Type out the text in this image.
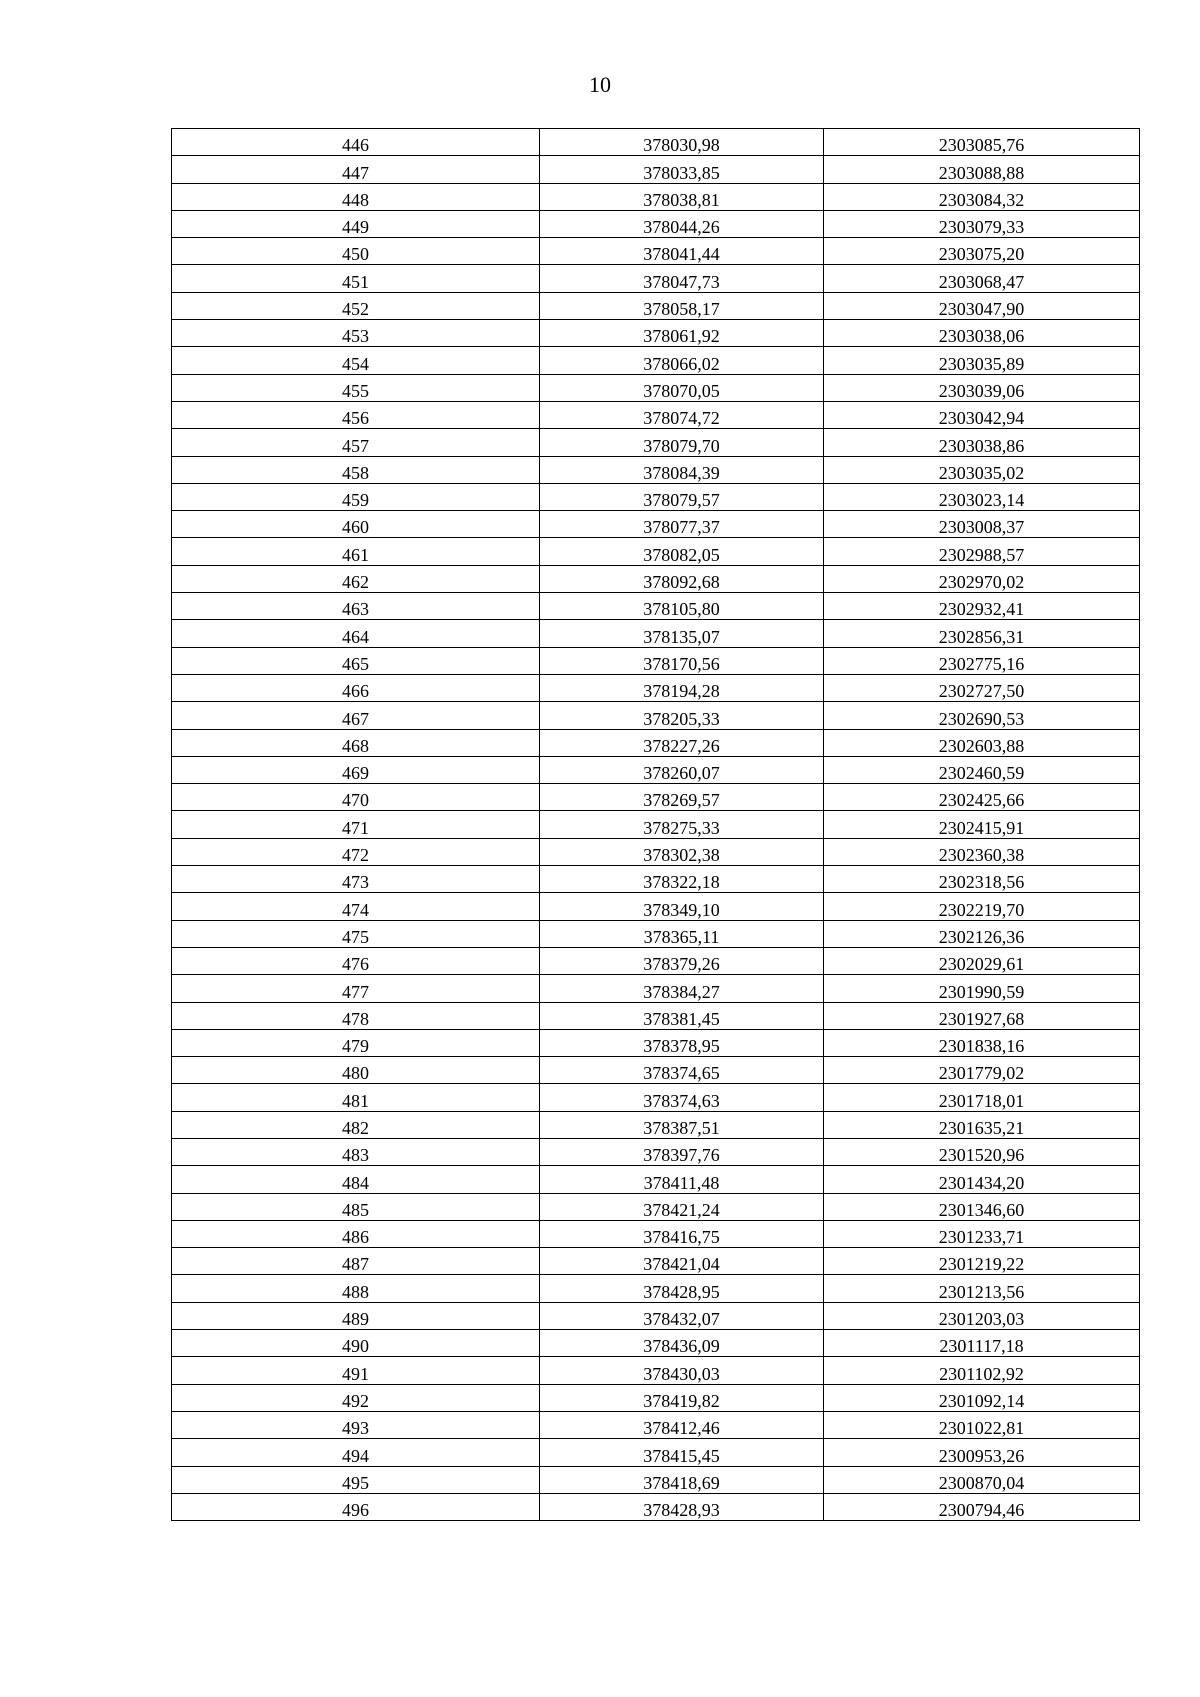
10
446	378030,98	2303085,76
447	378033,85	2303088,88
448	378038,81	2303084,32
449	378044,26	2303079,33
450	378041,44	2303075,20
451	378047,73	2303068,47
452	378058,17	2303047,90
453	378061,92	2303038,06
454	378066,02	2303035,89
455	378070,05	2303039,06
456	378074,72	2303042,94
457	378079,70	2303038,86
458	378084,39	2303035,02
459	378079,57	2303023,14
460	378077,37	2303008,37
461	378082,05	2302988,57
462	378092,68	2302970,02
463	378105,80	2302932,41
464	378135,07	2302856,31
465	378170,56	2302775,16
466	378194,28	2302727,50
467	378205,33	2302690,53
468	378227,26	2302603,88
469	378260,07	2302460,59
470	378269,57	2302425,66
471	378275,33	2302415,91
472	378302,38	2302360,38
473	378322,18	2302318,56
474	378349,10	2302219,70
475	378365,11	2302126,36
476	378379,26	2302029,61
477	378384,27	2301990,59
478	378381,45	2301927,68
479	378378,95	2301838,16
480	378374,65	2301779,02
481	378374,63	2301718,01
482	378387,51	2301635,21
483	378397,76	2301520,96
484	378411,48	2301434,20
485	378421,24	2301346,60
486	378416,75	2301233,71
487	378421,04	2301219,22
488	378428,95	2301213,56
489	378432,07	2301203,03
490	378436,09	2301117,18
491	378430,03	2301102,92
492	378419,82	2301092,14
493	378412,46	2301022,81
494	378415,45	2300953,26
495	378418,69	2300870,04
496	378428,93	2300794,46
